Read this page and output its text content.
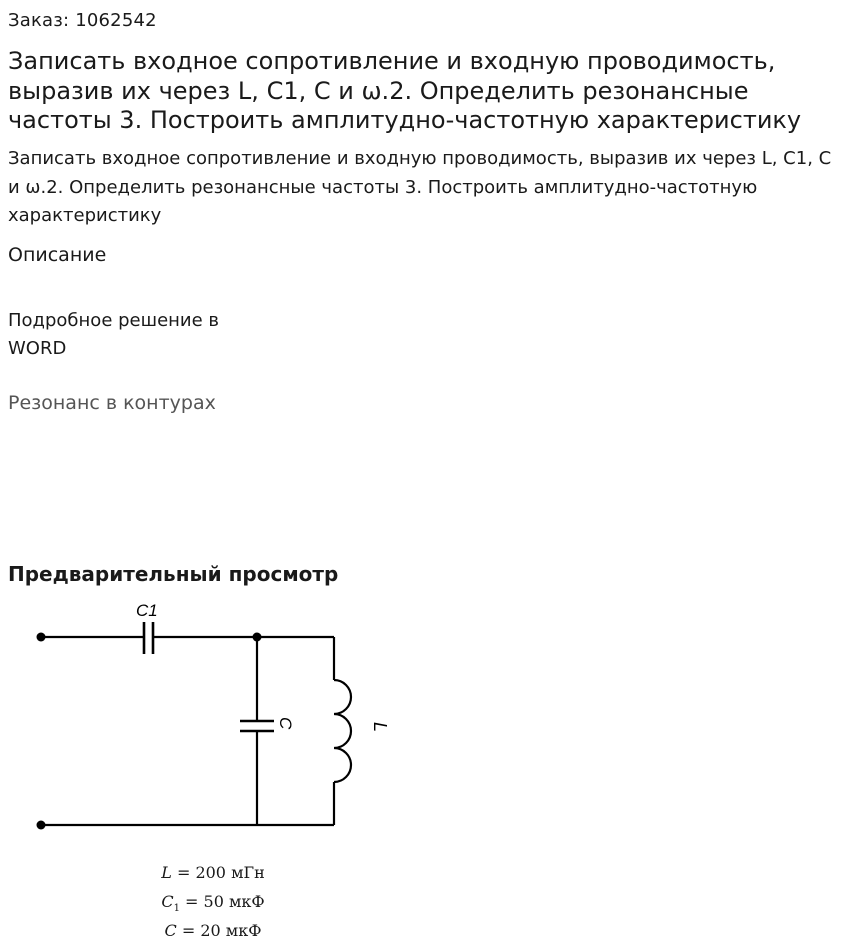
Заказ: 1062542
Записать входное сопротивление и входную проводимость, выразив их через L, С1, С и ω.2. Определить резонансные частоты 3. Построить амплитудно-частотную характеристику
Записать входное сопротивление и входную проводимость, выразив их через L, С1, С и ω.2. Определить резонансные частоты 3. Построить амплитудно-частотную характеристику
Описание
Подробное решение в WORD
Резонанс в контурах
Предварительный просмотр
C1
C	L
L = 200 мГн
$C_1 = 50$ мкФ
C = 20 мкФ
